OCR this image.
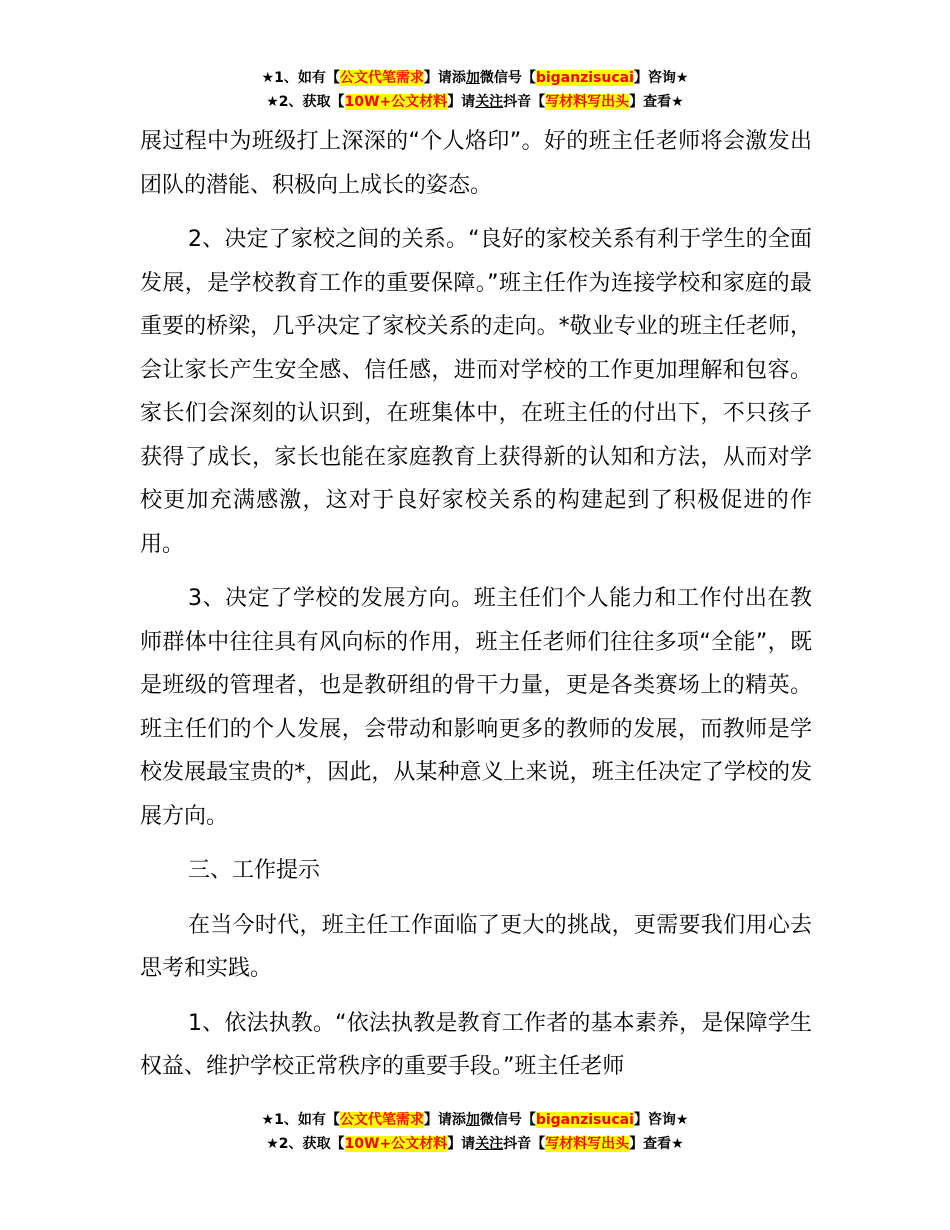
★1、如有【公文代笔需求】请添加微信号【biganzisucai】咨询★
★2、获取【10W+公文材料】请关注抖音【写材料写出头】查看★

展过程中为班级打上深深的“个人烙印”。好的班主任老师将会激发出团队的潜能、积极向上成长的姿态。

2、决定了家校之间的关系。“良好的家校关系有利于学生的全面发展，是学校教育工作的重要保障。”班主任作为连接学校和家庭的最重要的桥梁，几乎决定了家校关系的走向。*敬业专业的班主任老师，会让家长产生安全感、信任感，进而对学校的工作更加理解和包容。家长们会深刻的认识到，在班集体中，在班主任的付出下，不只孩子获得了成长，家长也能在家庭教育上获得新的认知和方法，从而对学校更加充满感激，这对于良好家校关系的构建起到了积极促进的作用。

3、决定了学校的发展方向。班主任们个人能力和工作付出在教师群体中往往具有风向标的作用，班主任老师们往往多项“全能”，既是班级的管理者，也是教研组的骨干力量，更是各类赛场上的精英。班主任们的个人发展，会带动和影响更多的教师的发展，而教师是学校发展最宝贵的*，因此，从某种意义上来说，班主任决定了学校的发展方向。

三、工作提示

在当今时代，班主任工作面临了更大的挑战，更需要我们用心去思考和实践。

1、依法执教。“依法执教是教育工作者的基本素养，是保障学生权益、维护学校正常秩序的重要手段。”班主任老师

★1、如有【公文代笔需求】请添加微信号【biganzisucai】咨询★
★2、获取【10W+公文材料】请关注抖音【写材料写出头】查看★
